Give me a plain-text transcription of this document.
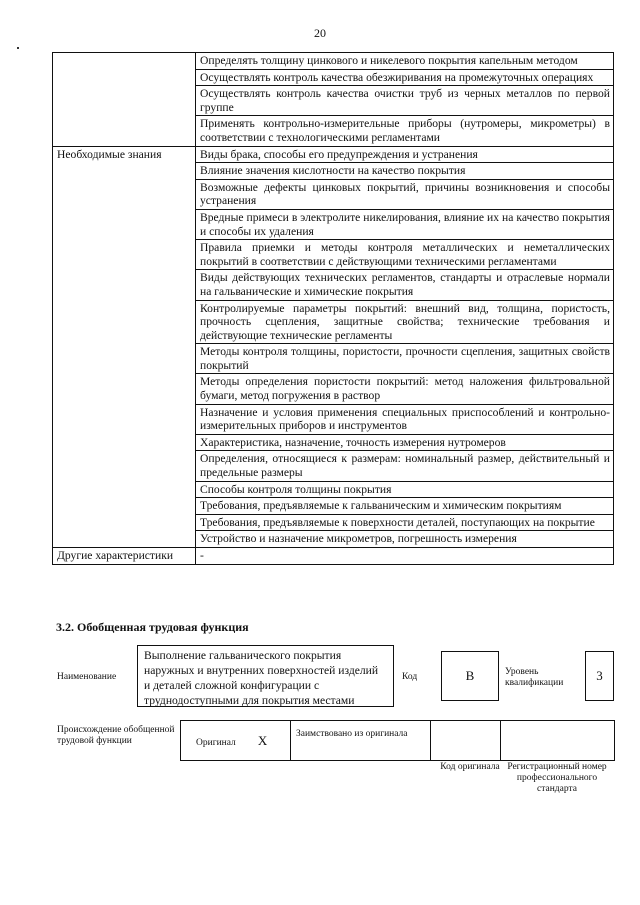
20
	Определять толщину цинкового и никелевого покрытия капельным методом
	Осуществлять контроль качества обезжиривания на промежуточных операциях
	Осуществлять контроль качества очистки труб из черных металлов по первой группе
	Применять контрольно-измерительные приборы (нутромеры, микрометры) в соответствии с технологическими регламентами
Необходимые знания	Виды брака, способы его предупреждения и устранения
	Влияние значения кислотности на качество покрытия
	Возможные дефекты цинковых покрытий, причины возникновения и способы устранения
	Вредные примеси в электролите никелирования, влияние их на качество покрытия и способы их удаления
	Правила приемки и методы контроля металлических и неметаллических покрытий в соответствии с действующими техническими регламентами
	Виды действующих технических регламентов, стандарты и отраслевые нормали на гальванические и химические покрытия
	Контролируемые параметры покрытий: внешний вид, толщина, пористость, прочность сцепления, защитные свойства; технические требования и действующие технические регламенты
	Методы контроля толщины, пористости, прочности сцепления, защитных свойств покрытий
	Методы определения пористости покрытий: метод наложения фильтровальной бумаги, метод погружения в раствор
	Назначение и условия применения специальных приспособлений и контрольно-измерительных приборов и инструментов
	Характеристика, назначение, точность измерения нутромеров
	Определения, относящиеся к размерам: номинальный размер, действительный и предельные размеры
	Способы контроля толщины покрытия
	Требования, предъявляемые к гальваническим и химическим покрытиям
	Требования, предъявляемые к поверхности деталей, поступающих на покрытие
	Устройство и назначение микрометров, погрешность измерения
Другие характеристики	-
3.2. Обобщенная трудовая функция
Наименование
Выполнение гальванического покрытия наружных и внутренних поверхностей изделий и деталей сложной конфигурации с труднодоступными для покрытия местами
Код	B	Уровень квалификации	3
Происхождение обобщенной трудовой функции	Оригинал X	Заимствовано из оригинала		
Код оригинала Регистрационный номер профессионального стандарта
